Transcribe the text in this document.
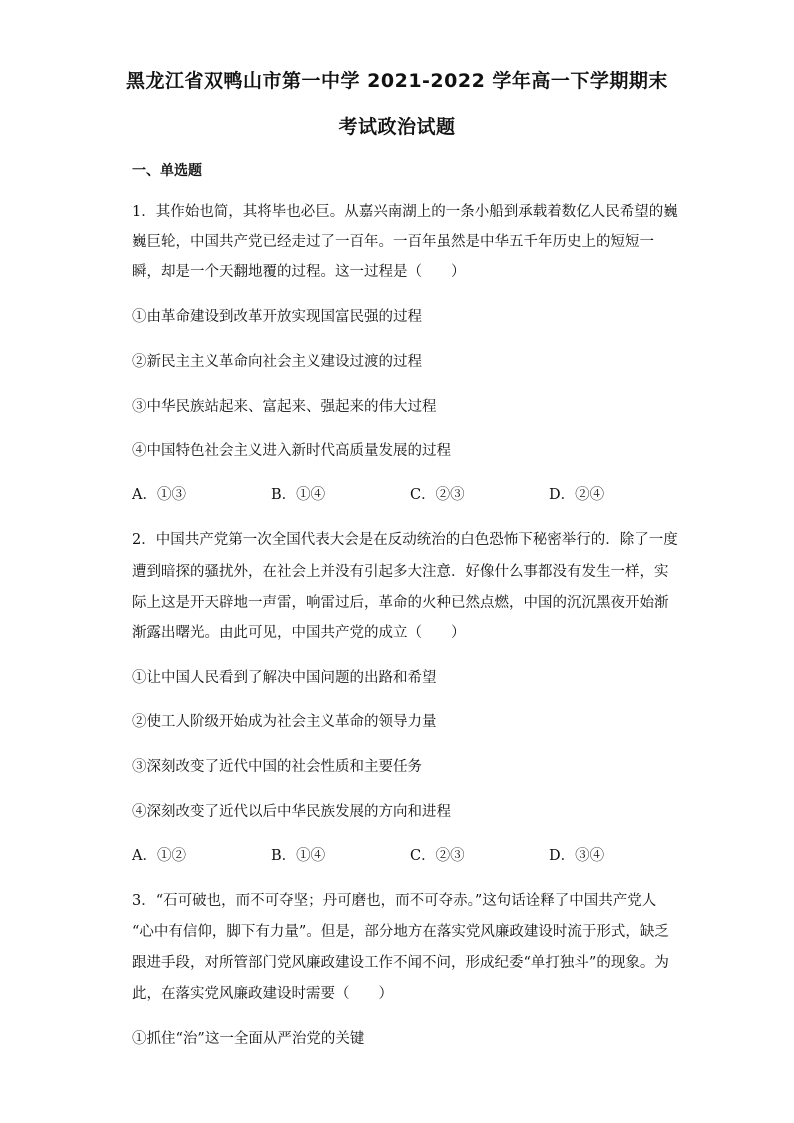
黑龙江省双鸭山市第一中学 2021-2022 学年高一下学期期末
考试政治试题
一、单选题
1．其作始也简，其将毕也必巨。从嘉兴南湖上的一条小船到承载着数亿人民希望的巍
巍巨轮，中国共产党已经走过了一百年。一百年虽然是中华五千年历史上的短短一
瞬，却是一个天翻地覆的过程。这一过程是（　　）
①由革命建设到改革开放实现国富民强的过程
②新民主主义革命向社会主义建设过渡的过程
③中华民族站起来、富起来、强起来的伟大过程
④中国特色社会主义进入新时代高质量发展的过程
A．①③	B．①④	C．②③	D．②④
2．中国共产党第一次全国代表大会是在反动统治的白色恐怖下秘密举行的．除了一度
遭到暗探的骚扰外，在社会上并没有引起多大注意．好像什么事都没有发生一样，实
际上这是开天辟地一声雷，响雷过后，革命的火种已然点燃，中国的沉沉黑夜开始渐
渐露出曙光。由此可见，中国共产党的成立（　　）
①让中国人民看到了解决中国问题的出路和希望
②使工人阶级开始成为社会主义革命的领导力量
③深刻改变了近代中国的社会性质和主要任务
④深刻改变了近代以后中华民族发展的方向和进程
A．①②	B．①④	C．②③	D．③④
3．“石可破也，而不可夺坚；丹可磨也，而不可夺赤。”这句话诠释了中国共产党人
“心中有信仰，脚下有力量”。但是，部分地方在落实党风廉政建设时流于形式，缺乏
跟进手段，对所管部门党风廉政建设工作不闻不问，形成纪委“单打独斗”的现象。为
此，在落实党风廉政建设时需要（　　）
①抓住“治”这一全面从严治党的关键
